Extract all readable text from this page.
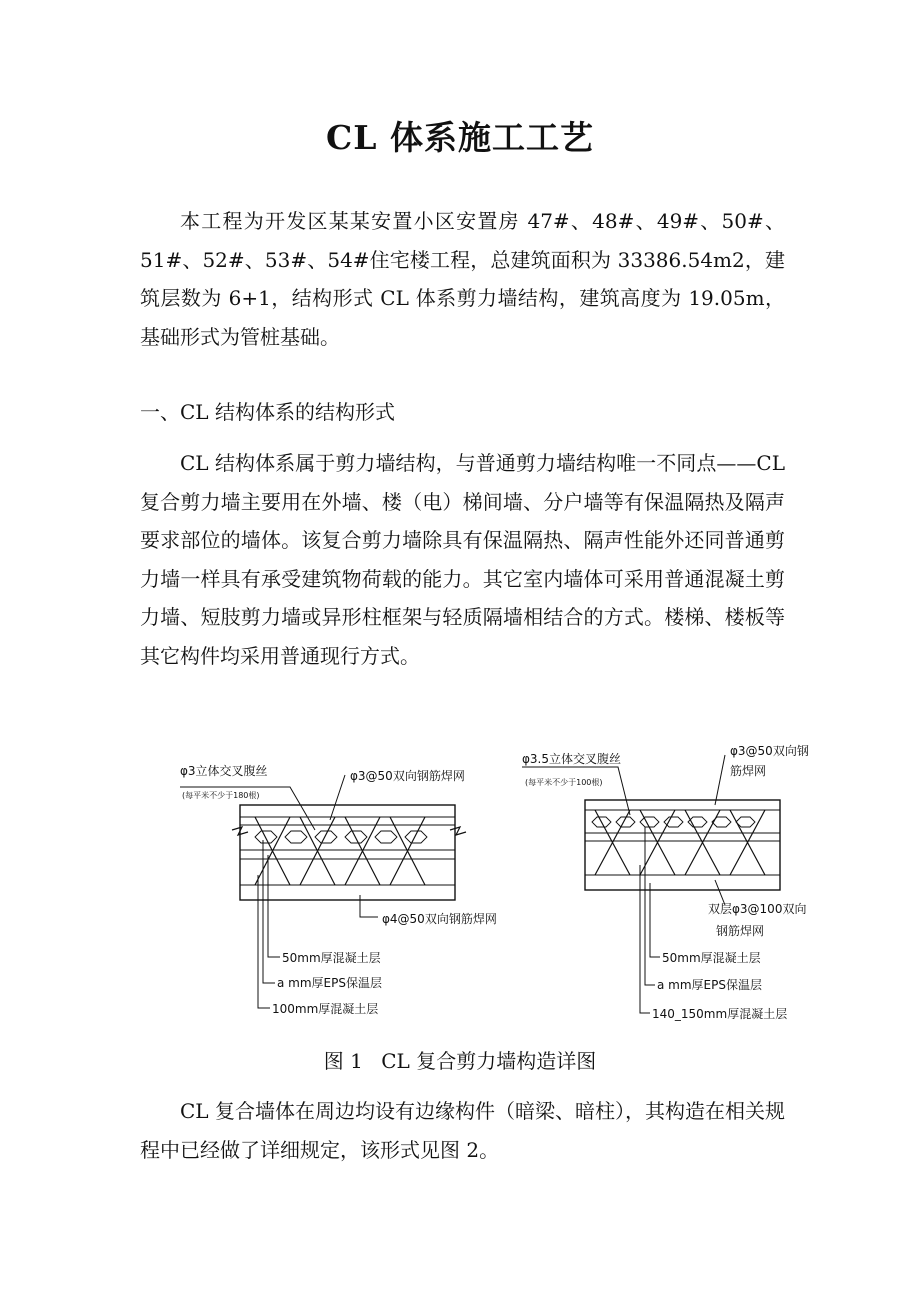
CL 体系施工工艺

本工程为开发区某某安置小区安置房 47#、48#、49#、50#、51#、52#、53#、54#住宅楼工程，总建筑面积为 33386.54m2，建筑层数为 6+1，结构形式 CL 体系剪力墙结构，建筑高度为 19.05m，基础形式为管桩基础。

一、CL 结构体系的结构形式

CL 结构体系属于剪力墙结构，与普通剪力墙结构唯一不同点——CL 复合剪力墙主要用在外墙、楼（电）梯间墙、分户墙等有保温隔热及隔声要求部位的墙体。该复合剪力墙除具有保温隔热、隔声性能外还同普通剪力墙一样具有承受建筑物荷载的能力。其它室内墙体可采用普通混凝土剪力墙、短肢剪力墙或异形柱框架与轻质隔墙相结合的方式。楼梯、楼板等其它构件均采用普通现行方式。

φ3立体交叉腹丝
(每平米不少于180根)
φ3@50双向钢筋焊网
φ4@50双向钢筋焊网
50mm厚混凝土层
a mm厚EPS保温层
100mm厚混凝土层
φ3.5立体交叉腹丝
(每平米不少于100根)
φ3@50双向钢
筋焊网
双层φ3@100双向
钢筋焊网
50mm厚混凝土层
a mm厚EPS保温层
140_150mm厚混凝土层
图 1 CL 复合剪力墙构造详图

CL 复合墙体在周边均设有边缘构件（暗梁、暗柱），其构造在相关规程中已经做了详细规定，该形式见图 2。
